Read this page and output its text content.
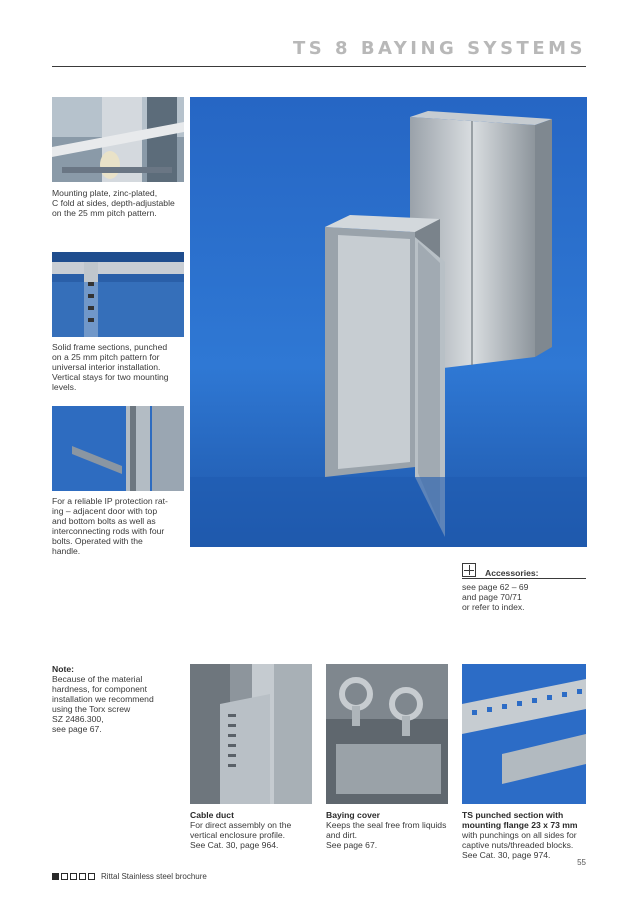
TS 8 BAYING SYSTEMS
Mounting plate, zinc-plated,
C fold at sides, depth-adjustable
on the 25 mm pitch pattern.
Solid frame sections, punched
on a 25 mm pitch pattern for
universal interior installation.
Vertical stays for two mounting
levels.
For a reliable IP protection rat-
ing – adjacent door with top
and bottom bolts as well as
interconnecting rods with four
bolts. Operated with the
handle.
Accessories:
see page 62 – 69
and page 70/71
or refer to index.
Note:
Because of the material
hardness, for component
installation we recommend
using the Torx screw
SZ 2486.300,
see page 67.
Cable duct
For direct assembly on the
vertical enclosure profile.
See Cat. 30, page 964.
Baying cover
Keeps the seal free from liquids
and dirt.
See page 67.
TS punched section with mounting flange 23 x 73 mm
with punchings on all sides for
captive nuts/threaded blocks.
See Cat. 30, page 974.
55
Rittal Stainless steel brochure
